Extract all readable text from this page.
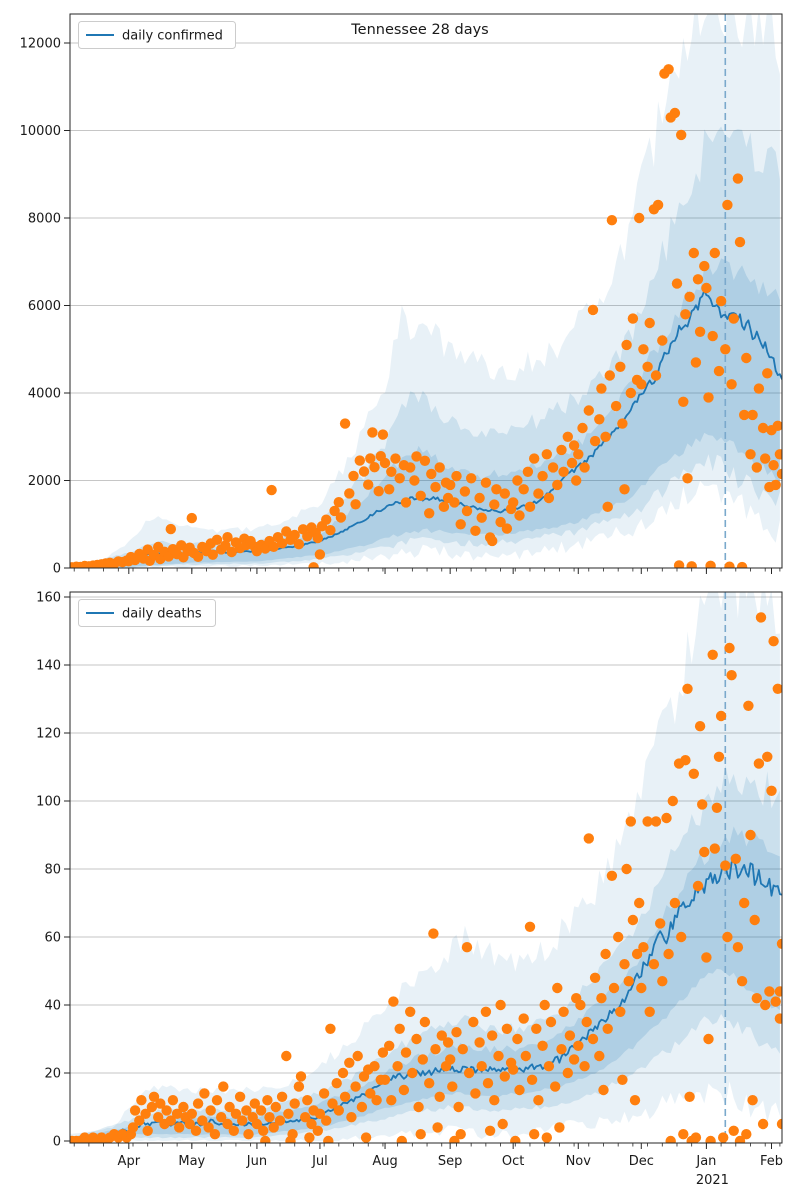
0
2000
4000
6000
8000
10000
12000
Tennessee 28 days
daily confirmed
0
20
40
60
80
100
120
140
160
Apr	May	Jun	Jul	Aug	Sep	Oct	Nov	Dec	Jan
2021
Feb
daily deaths
